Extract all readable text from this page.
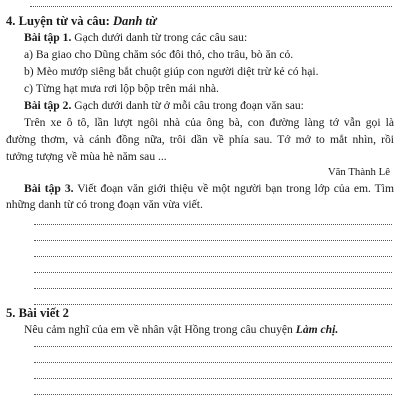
4. Luyện từ và câu: Danh từ
Bài tập 1. Gạch dưới danh từ trong các câu sau:
a) Ba giao cho Dũng chăm sóc đôi thỏ, cho trâu, bò ăn cỏ.
b) Mèo mướp siêng bắt chuột giúp con người diệt trừ kẻ có hại.
c) Từng hạt mưa rơi lộp bộp trên mái nhà.
Bài tập 2. Gạch dưới danh từ ở mỗi câu trong đoạn văn sau:
Trên xe ô tô, lần lượt ngôi nhà của ông bà, con đường làng tớ vẫn gọi là
đường thơm, và cánh đồng nữa, trôi dần về phía sau. Tớ mở to mắt nhìn, rồi
tưởng tượng về mùa hè năm sau ...
Văn Thành Lê
Bài tập 3. Viết đoạn văn giới thiệu về một người bạn trong lớp của em. Tìm
những danh từ có trong đoạn văn vừa viết.
5. Bài viết 2
Nêu cảm nghĩ của em về nhân vật Hồng trong câu chuyện Làm chị.
